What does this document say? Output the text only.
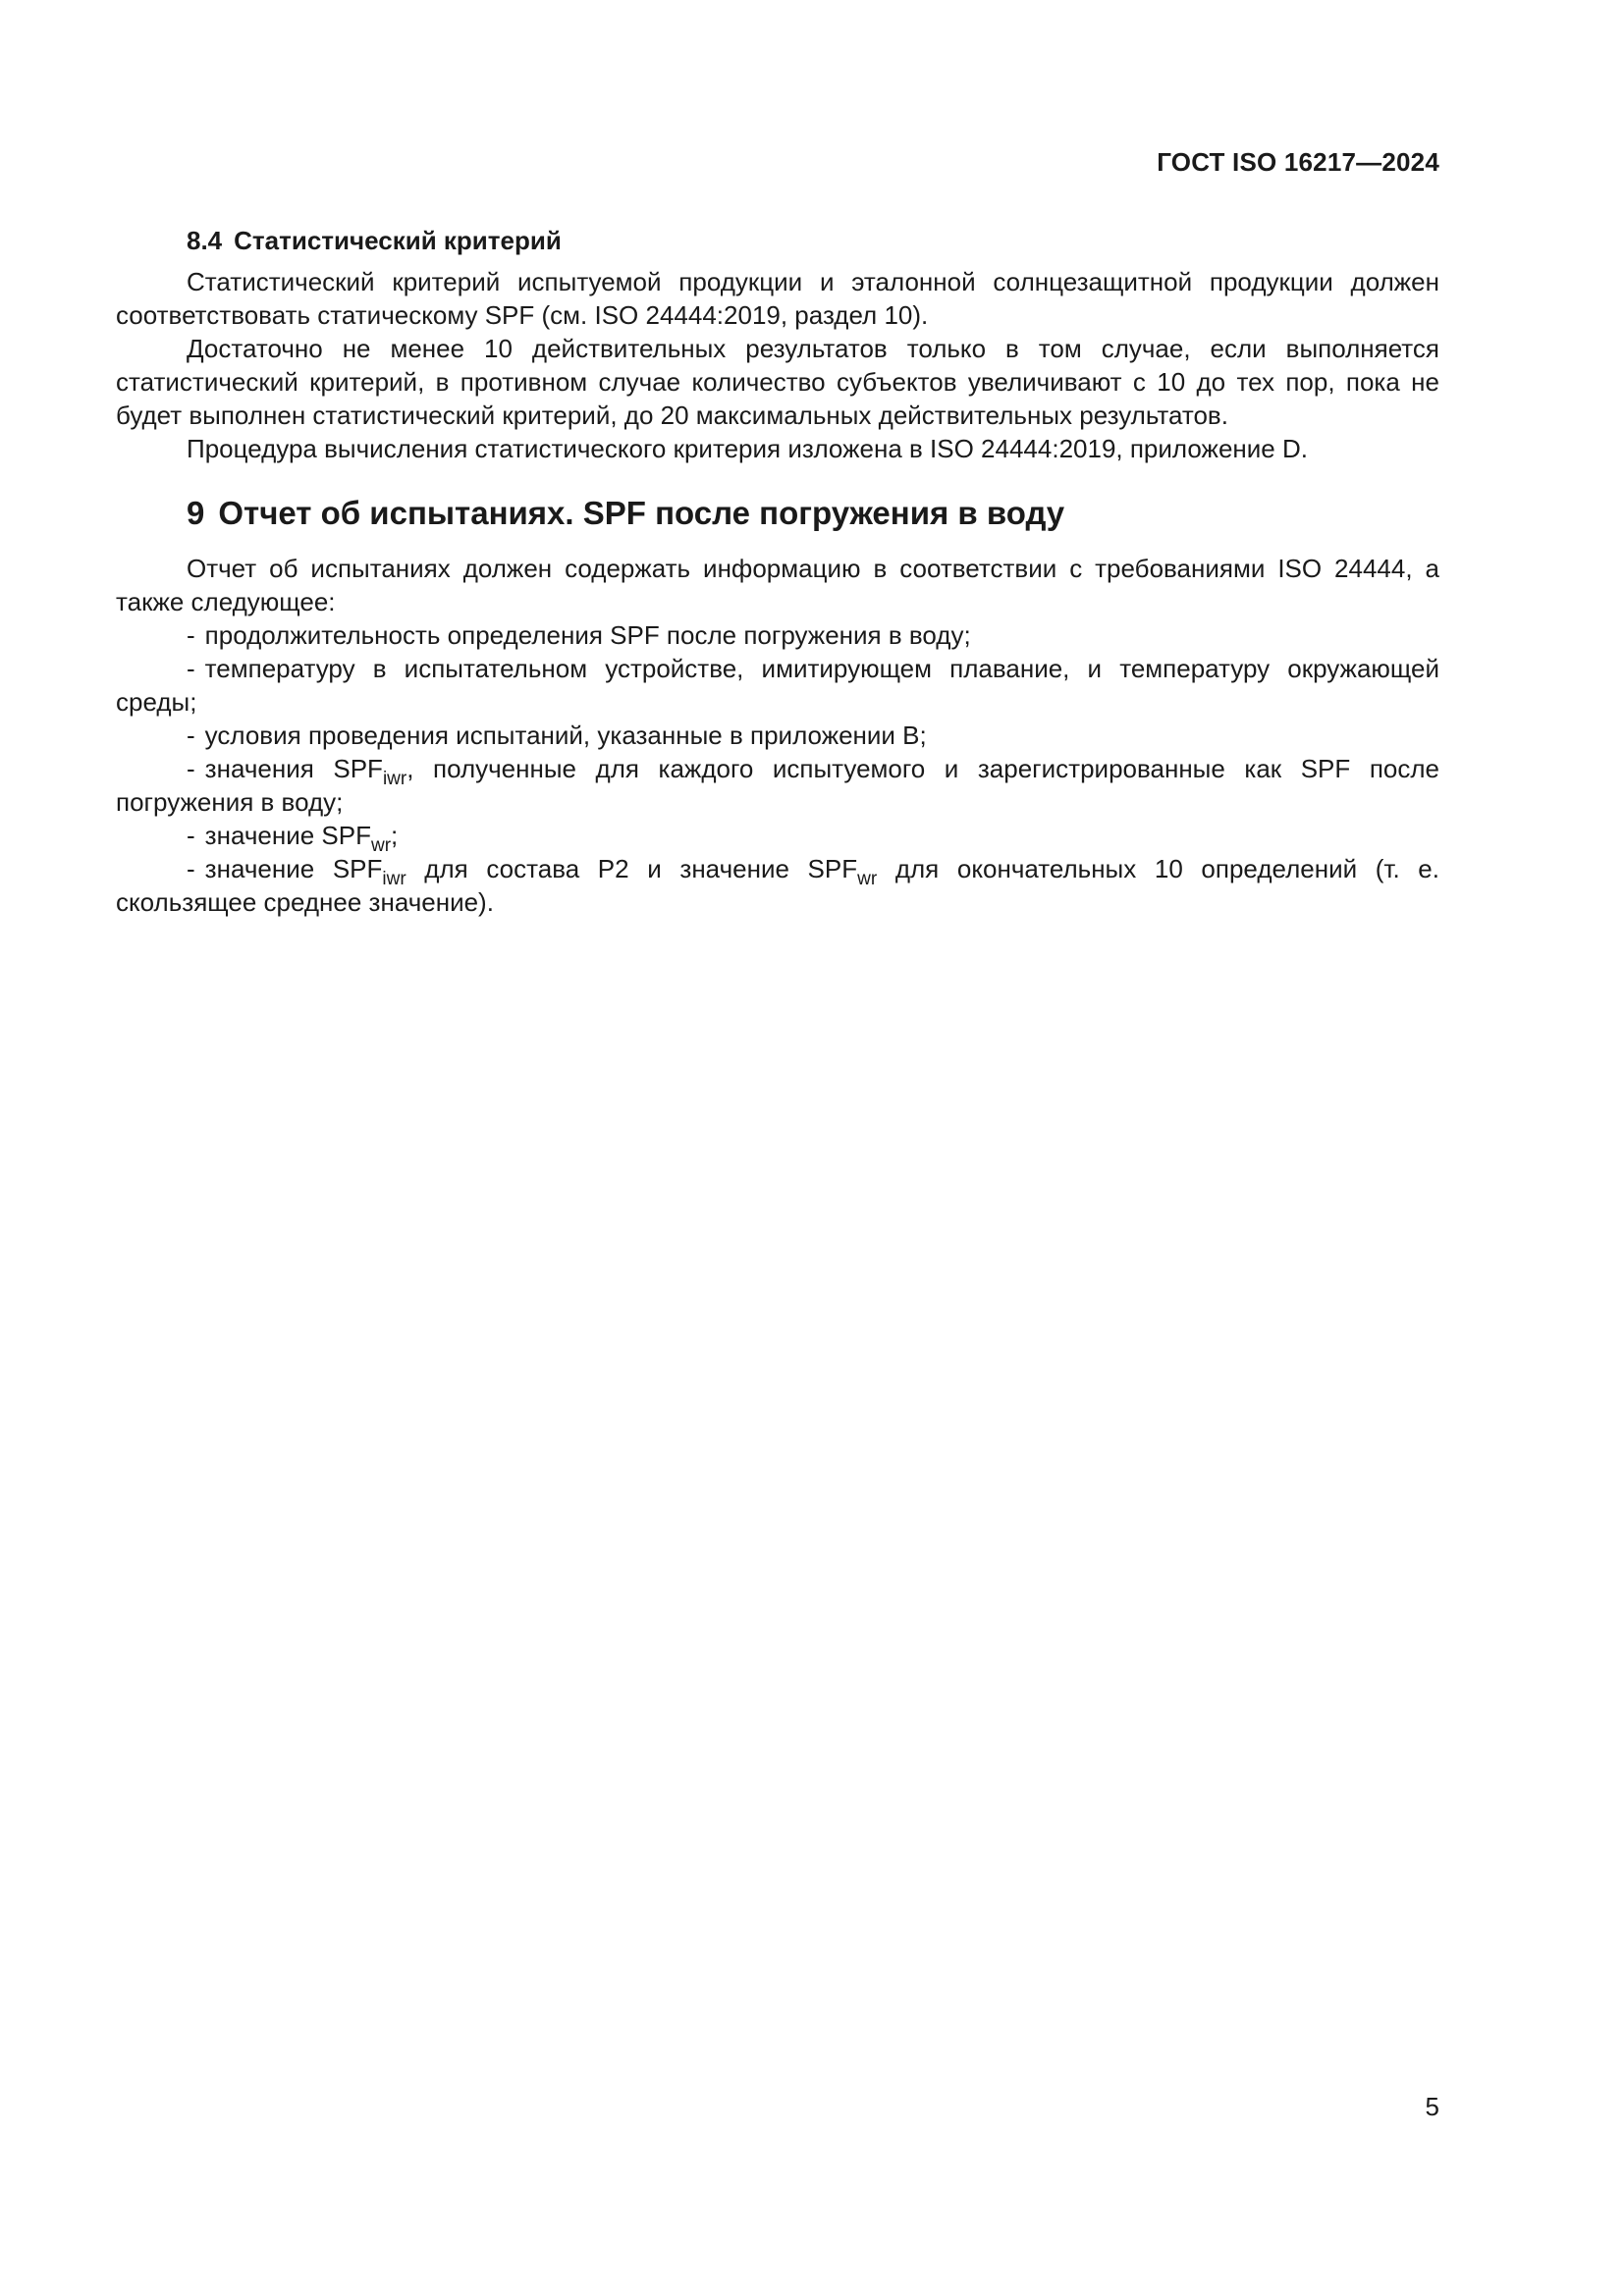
ГОСТ ISO 16217—2024
8.4 Статистический критерий

Статистический критерий испытуемой продукции и эталонной солнцезащитной продукции должен соответствовать статическому SPF (см. ISO 24444:2019, раздел 10).

Достаточно не менее 10 действительных результатов только в том случае, если выполняется статистический критерий, в противном случае количество субъектов увеличивают с 10 до тех пор, пока не будет выполнен статистический критерий, до 20 максимальных действительных результатов.

Процедура вычисления статистического критерия изложена в ISO 24444:2019, приложение D.

9 Отчет об испытаниях. SPF после погружения в воду

Отчет об испытаниях должен содержать информацию в соответствии с требованиями ISO 24444, а также следующее:

- продолжительность определения SPF после погружения в воду;
- температуру в испытательном устройстве, имитирующем плавание, и температуру окружающей среды;
- условия проведения испытаний, указанные в приложении B;
- значения $SPF_{iwr}$, полученные для каждого испытуемого и зарегистрированные как SPF после погружения в воду;
- значение $SPF_{wr}$;
- значение $SPF_{iwr}$ для состава P2 и значение $SPF_{wr}$ для окончательных 10 определений (т. е. скользящее среднее значение).
5
